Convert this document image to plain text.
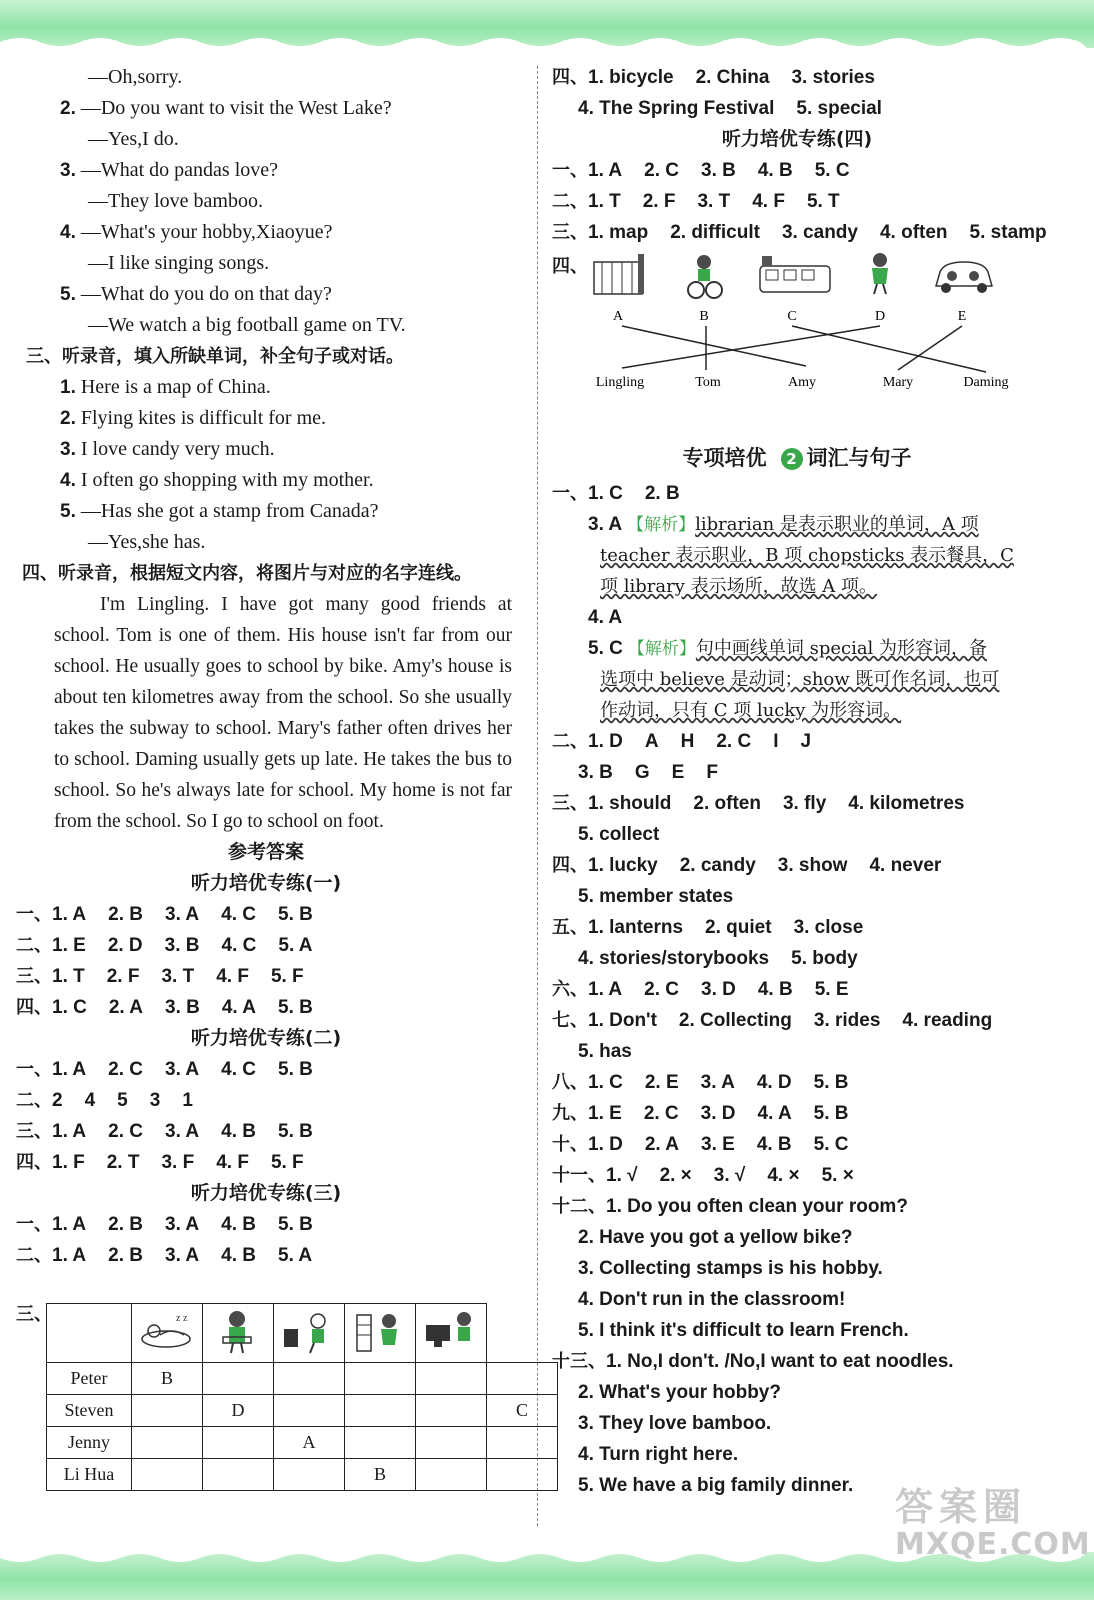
—Oh,sorry.
2. —Do you want to visit the West Lake?
—Yes,I do.
3. —What do pandas love?
—They love bamboo.
4. —What's your hobby,Xiaoyue?
—I like singing songs.
5. —What do you do on that day?
—We watch a big football game on TV.
三、听录音，填入所缺单词，补全句子或对话。
1. Here is a map of China.
2. Flying kites is difficult for me.
3. I love candy very much.
4. I often go shopping with my mother.
5. —Has she got a stamp from Canada?
—Yes,she has.
四、听录音，根据短文内容，将图片与对应的名字连线。
I'm Lingling. I have got many good friends at school. Tom is one of them. His house isn't far from our school. He usually goes to school by bike. Amy's house is about ten kilometres away from the school. So she usually takes the subway to school. Mary's father often drives her to school. Daming usually gets up late. He takes the bus to school. So he's always late for school. My home is not far from the school. So I go to school on foot.
参考答案
听力培优专练(一)
一、1. A 2. B 3. A 4. C 5. B
二、1. E 2. D 3. B 4. C 5. A
三、1. T 2. F 3. T 4. F 5. F
四、1. C 2. A 3. B 4. A 5. B
听力培优专练(二)
一、1. A 2. C 3. A 4. C 5. B
二、2 4 5 3 1
三、1. A 2. C 3. A 4. B 5. B
四、1. F 2. T 3. F 4. F 5. F
听力培优专练(三)
一、1. A 2. B 3. A 4. B 5. B
二、1. A 2. B 3. A 4. B 5. A
三、

z z

Peter	B					
Steven		D				C
Jenny			A			
Li Hua				B		
四、1. bicycle 2. China 3. stories
4. The Spring Festival 5. special
听力培优专练(四)
一、1. A 2. C 3. B 4. B 5. C
二、1. T 2. F 3. T 4. F 5. T
三、1. map 2. difficult 3. candy 4. often 5. stamp
四、
A	B	C	D	E
Lingling	Tom	Amy	Mary	Daming
专项培优 2 词汇与句子
一、1. C 2. B
3. A 【解析】librarian 是表示职业的单词，A 项
teacher 表示职业，B 项 chopsticks 表示餐具，C
项 library 表示场所，故选 A 项。
4. A
5. C 【解析】句中画线单词 special 为形容词，备
选项中 believe 是动词；show 既可作名词，也可
作动词，只有 C 项 lucky 为形容词。
二、1. D A H 2. C I J
3. B G E F
三、1. should 2. often 3. fly 4. kilometres
5. collect
四、1. lucky 2. candy 3. show 4. never
5. member states
五、1. lanterns 2. quiet 3. close
4. stories/storybooks 5. body
六、1. A 2. C 3. D 4. B 5. E
七、1. Don't 2. Collecting 3. rides 4. reading
5. has
八、1. C 2. E 3. A 4. D 5. B
九、1. E 2. C 3. D 4. A 5. B
十、1. D 2. A 3. E 4. B 5. C
十一、1. √ 2. × 3. √ 4. × 5. ×
十二、1. Do you often clean your room?
2. Have you got a yellow bike?
3. Collecting stamps is his hobby.
4. Don't run in the classroom!
5. I think it's difficult to learn French.
十三、1. No,I don't. /No,I want to eat noodles.
2. What's your hobby?
3. They love bamboo.
4. Turn right here.
5. We have a big family dinner.	答案圈
MXQE.COM
